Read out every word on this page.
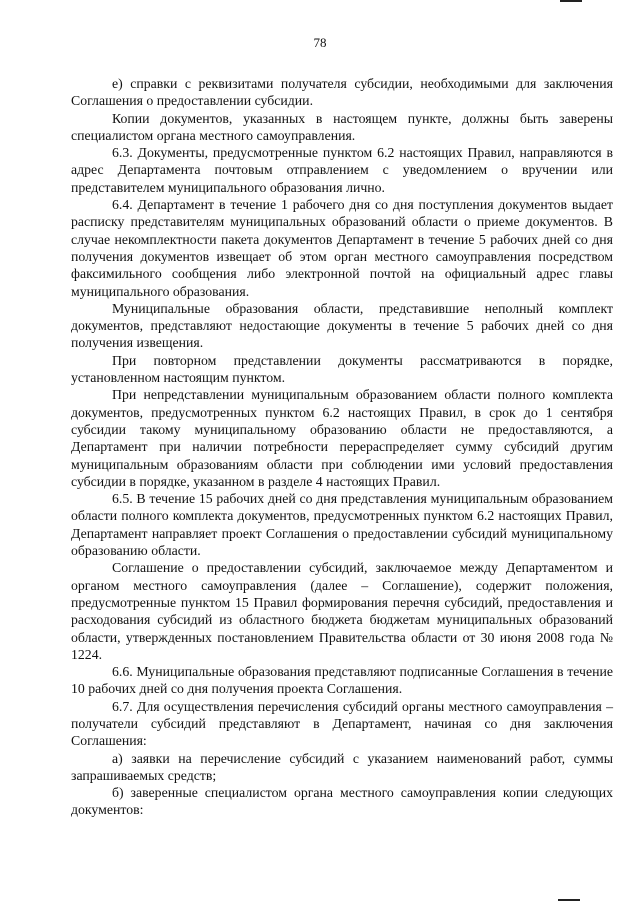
78

е) справки с реквизитами получателя субсидии, необходимыми для заключения Соглашения о предоставлении субсидии.

Копии документов, указанных в настоящем пункте, должны быть заверены специалистом органа местного самоуправления.

6.3. Документы, предусмотренные пунктом 6.2 настоящих Правил, направляются в адрес Департамента почтовым отправлением с уведомлением о вручении или представителем муниципального образования лично.

6.4. Департамент в течение 1 рабочего дня со дня поступления документов выдает расписку представителям муниципальных образований области о приеме документов. В случае некомплектности пакета документов Департамент в течение 5 рабочих дней со дня получения документов извещает об этом орган местного самоуправления посредством факсимильного сообщения либо электронной почтой на официальный адрес главы муниципального образования.

Муниципальные образования области, представившие неполный комплект документов, представляют недостающие документы в течение 5 рабочих дней со дня получения извещения.

При повторном представлении документы рассматриваются в порядке, установленном настоящим пунктом.

При непредставлении муниципальным образованием области полного комплекта документов, предусмотренных пунктом 6.2 настоящих Правил, в срок до 1 сентября субсидии такому муниципальному образованию области не предоставляются, а Департамент при наличии потребности перераспределяет сумму субсидий другим муниципальным образованиям области при соблюдении ими условий предоставления субсидии в порядке, указанном в разделе 4 настоящих Правил.

6.5. В течение 15 рабочих дней со дня представления муниципальным образованием области полного комплекта документов, предусмотренных пунктом 6.2 настоящих Правил, Департамент направляет проект Соглашения о предоставлении субсидий муниципальному образованию области.

Соглашение о предоставлении субсидий, заключаемое между Департаментом и органом местного самоуправления (далее – Соглашение), содержит положения, предусмотренные пунктом 15 Правил формирования перечня субсидий, предоставления и расходования субсидий из областного бюджета бюджетам муниципальных образований области, утвержденных постановлением Правительства области от 30 июня 2008 года № 1224.

6.6. Муниципальные образования представляют подписанные Соглашения в течение 10 рабочих дней со дня получения проекта Соглашения.

6.7. Для осуществления перечисления субсидий органы местного самоуправления – получатели субсидий представляют в Департамент, начиная со дня заключения Соглашения:

а) заявки на перечисление субсидий с указанием наименований работ, суммы запрашиваемых средств;

б) заверенные специалистом органа местного самоуправления копии следующих документов:
